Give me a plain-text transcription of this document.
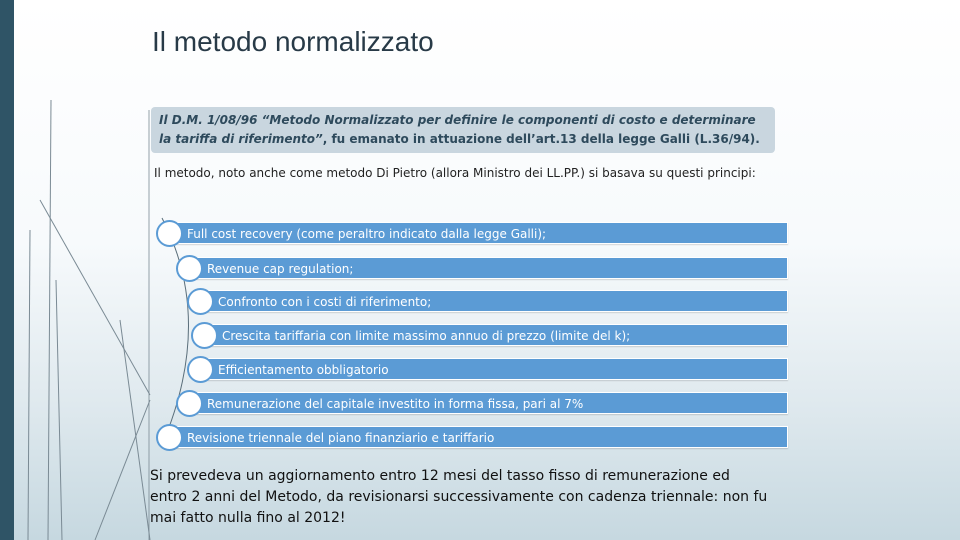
Il metodo normalizzato
Il D.M. 1/08/96 “Metodo Normalizzato per definire le componenti di costo e determinare la tariffa di riferimento”, fu emanato in attuazione dell’art.13 della legge Galli (L.36/94).
Il metodo, noto anche come metodo Di Pietro (allora Ministro dei LL.PP.) si basava su questi principi:
Full cost recovery (come peraltro indicato dalla legge Galli);
Revenue cap regulation;
Confronto con i costi di riferimento;
Crescita tariffaria con limite massimo annuo di prezzo (limite del k);
Efficientamento obbligatorio
Remunerazione del capitale investito in forma fissa, pari al 7%
Revisione triennale del piano finanziario e tariffario
Si prevedeva un aggiornamento entro 12 mesi del tasso fisso di remunerazione ed entro 2 anni del Metodo, da revisionarsi successivamente con cadenza triennale: non fu mai fatto nulla fino al 2012!
